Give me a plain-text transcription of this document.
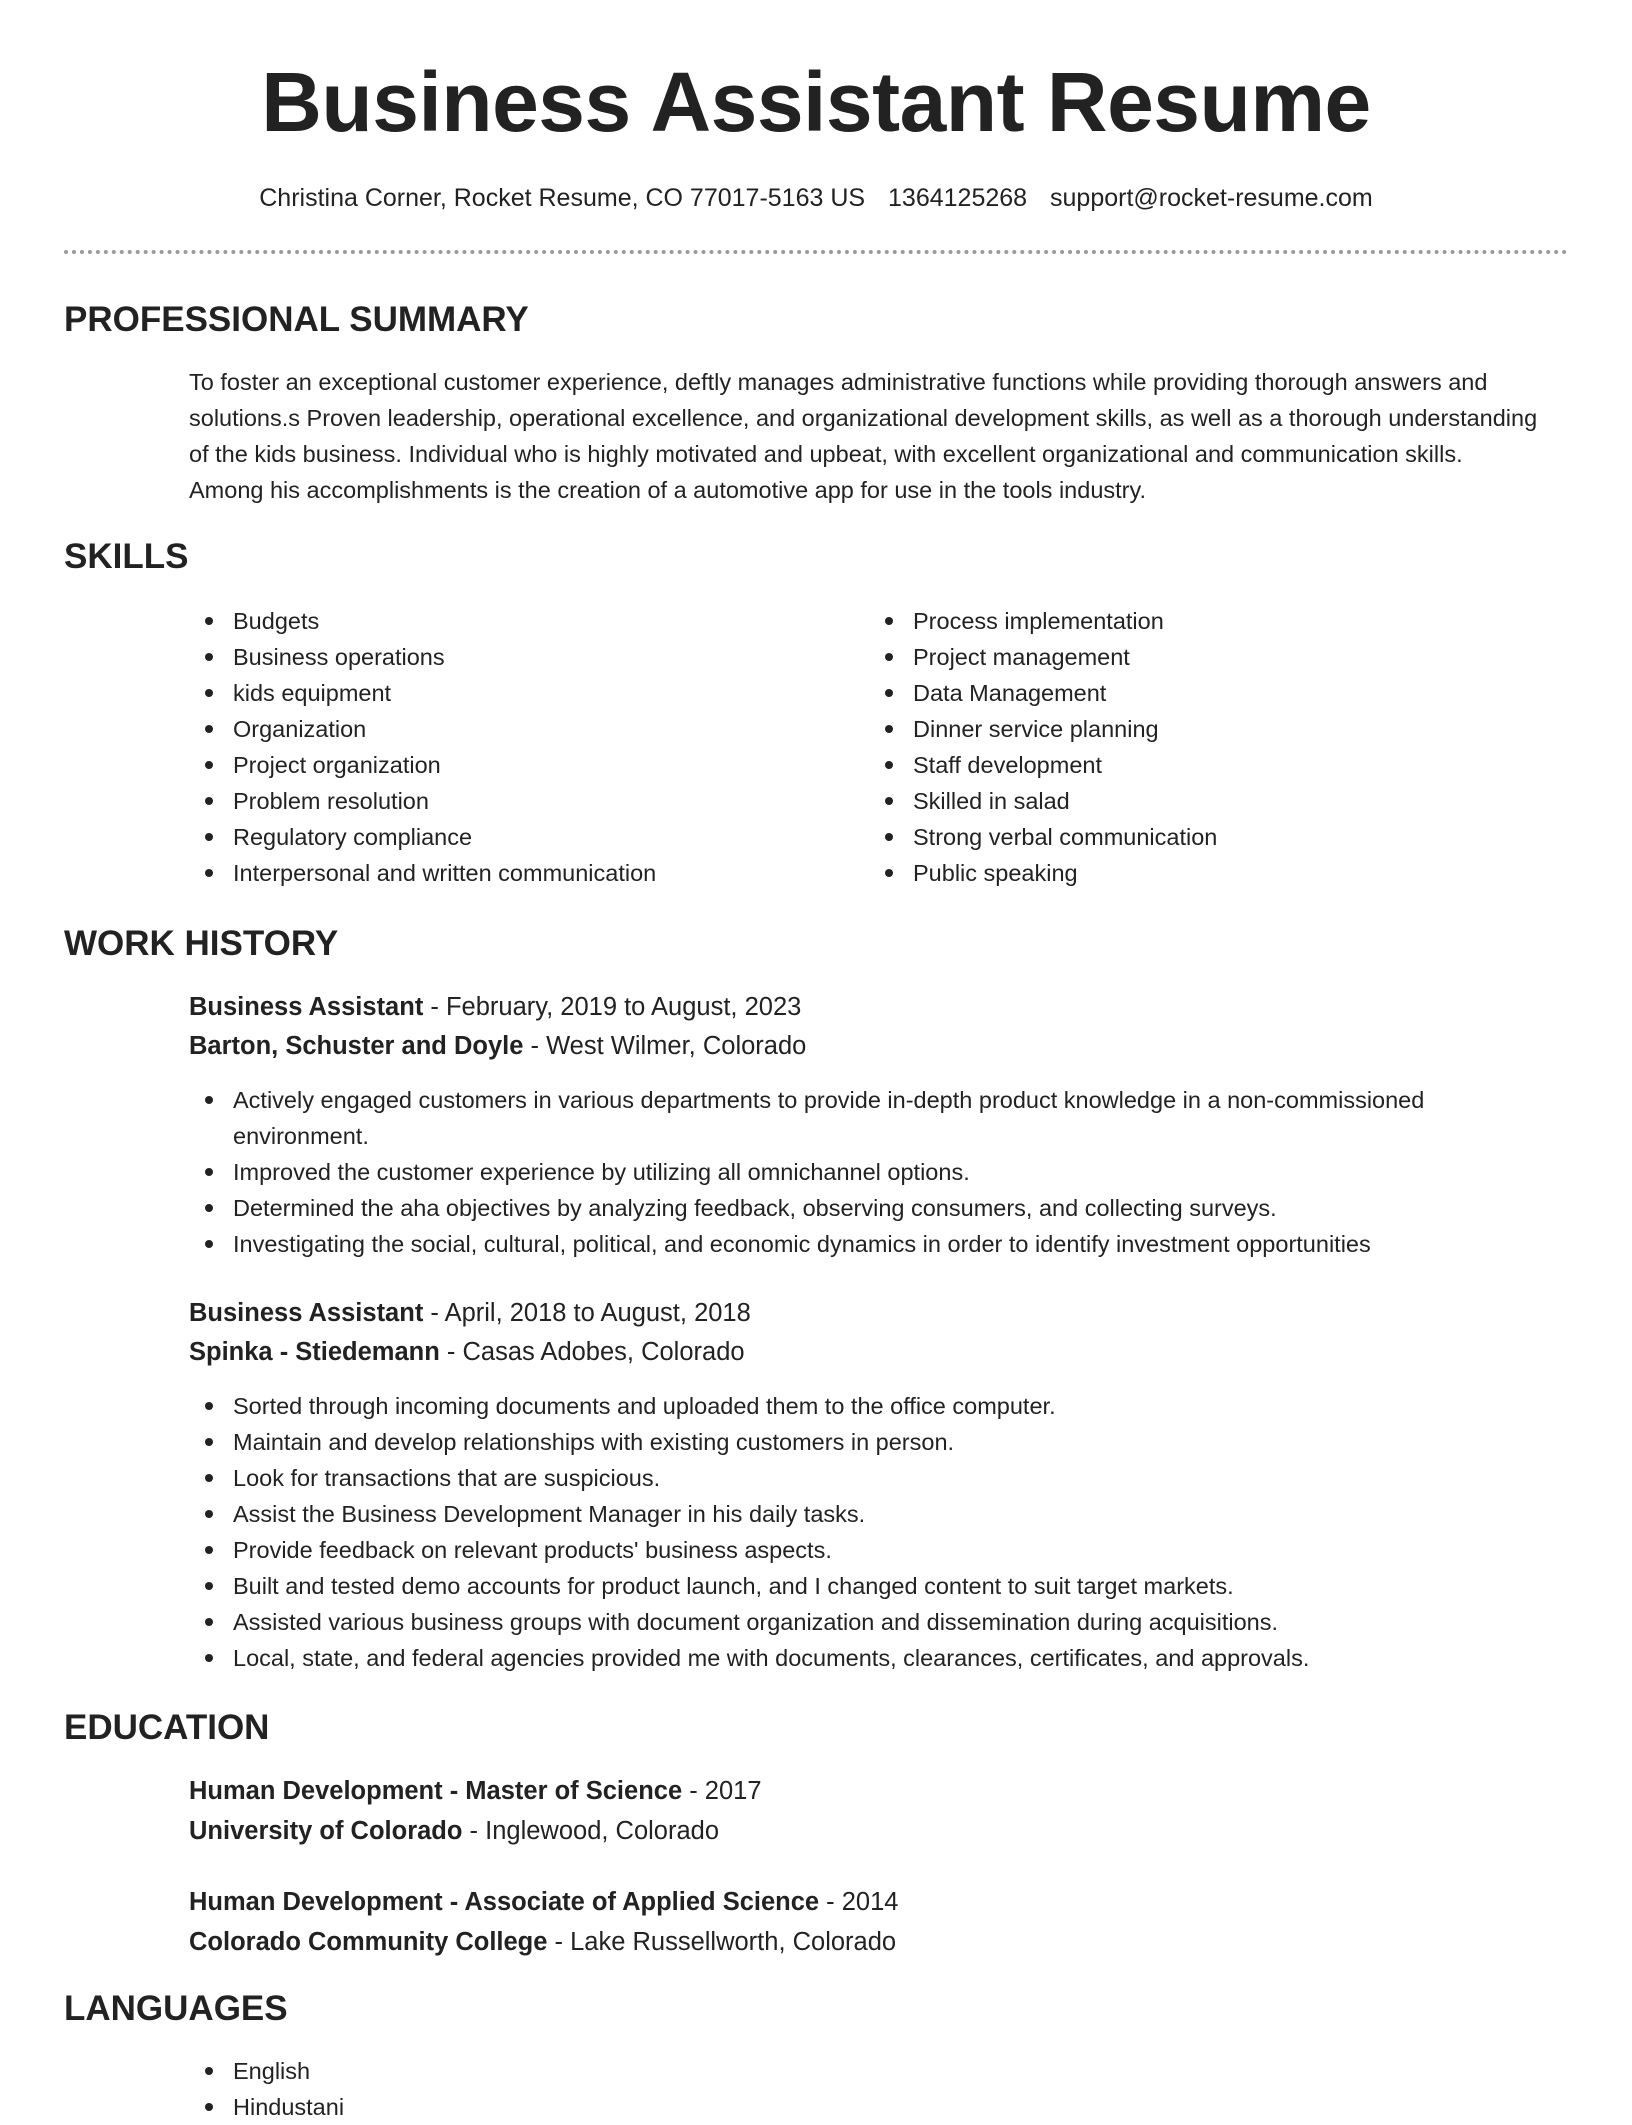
Business Assistant Resume
Christina Corner, Rocket Resume, CO 77017-5163 US 1364125268 support@rocket-resume.com
PROFESSIONAL SUMMARY

To foster an exceptional customer experience, deftly manages administrative functions while providing thorough answers and solutions.s Proven leadership, operational excellence, and organizational development skills, as well as a thorough understanding of the kids business. Individual who is highly motivated and upbeat, with excellent organizational and communication skills. Among his accomplishments is the creation of a automotive app for use in the tools industry.

SKILLS
Budgets
Business operations
kids equipment
Organization
Project organization
Problem resolution
Regulatory compliance
Interpersonal and written communication
Process implementation
Project management
Data Management
Dinner service planning
Staff development
Skilled in salad
Strong verbal communication
Public speaking
WORK HISTORY
Business Assistant - February, 2019 to August, 2023
Barton, Schuster and Doyle - West Wilmer, Colorado
Actively engaged customers in various departments to provide in-depth product knowledge in a non-commissioned environment.
Improved the customer experience by utilizing all omnichannel options.
Determined the aha objectives by analyzing feedback, observing consumers, and collecting surveys.
Investigating the social, cultural, political, and economic dynamics in order to identify investment opportunities
Business Assistant - April, 2018 to August, 2018
Spinka - Stiedemann - Casas Adobes, Colorado
Sorted through incoming documents and uploaded them to the office computer.
Maintain and develop relationships with existing customers in person.
Look for transactions that are suspicious.
Assist the Business Development Manager in his daily tasks.
Provide feedback on relevant products' business aspects.
Built and tested demo accounts for product launch, and I changed content to suit target markets.
Assisted various business groups with document organization and dissemination during acquisitions.
Local, state, and federal agencies provided me with documents, clearances, certificates, and approvals.
EDUCATION
Human Development - Master of Science - 2017
University of Colorado - Inglewood, Colorado
Human Development - Associate of Applied Science - 2014
Colorado Community College - Lake Russellworth, Colorado
LANGUAGES
English
Hindustani
